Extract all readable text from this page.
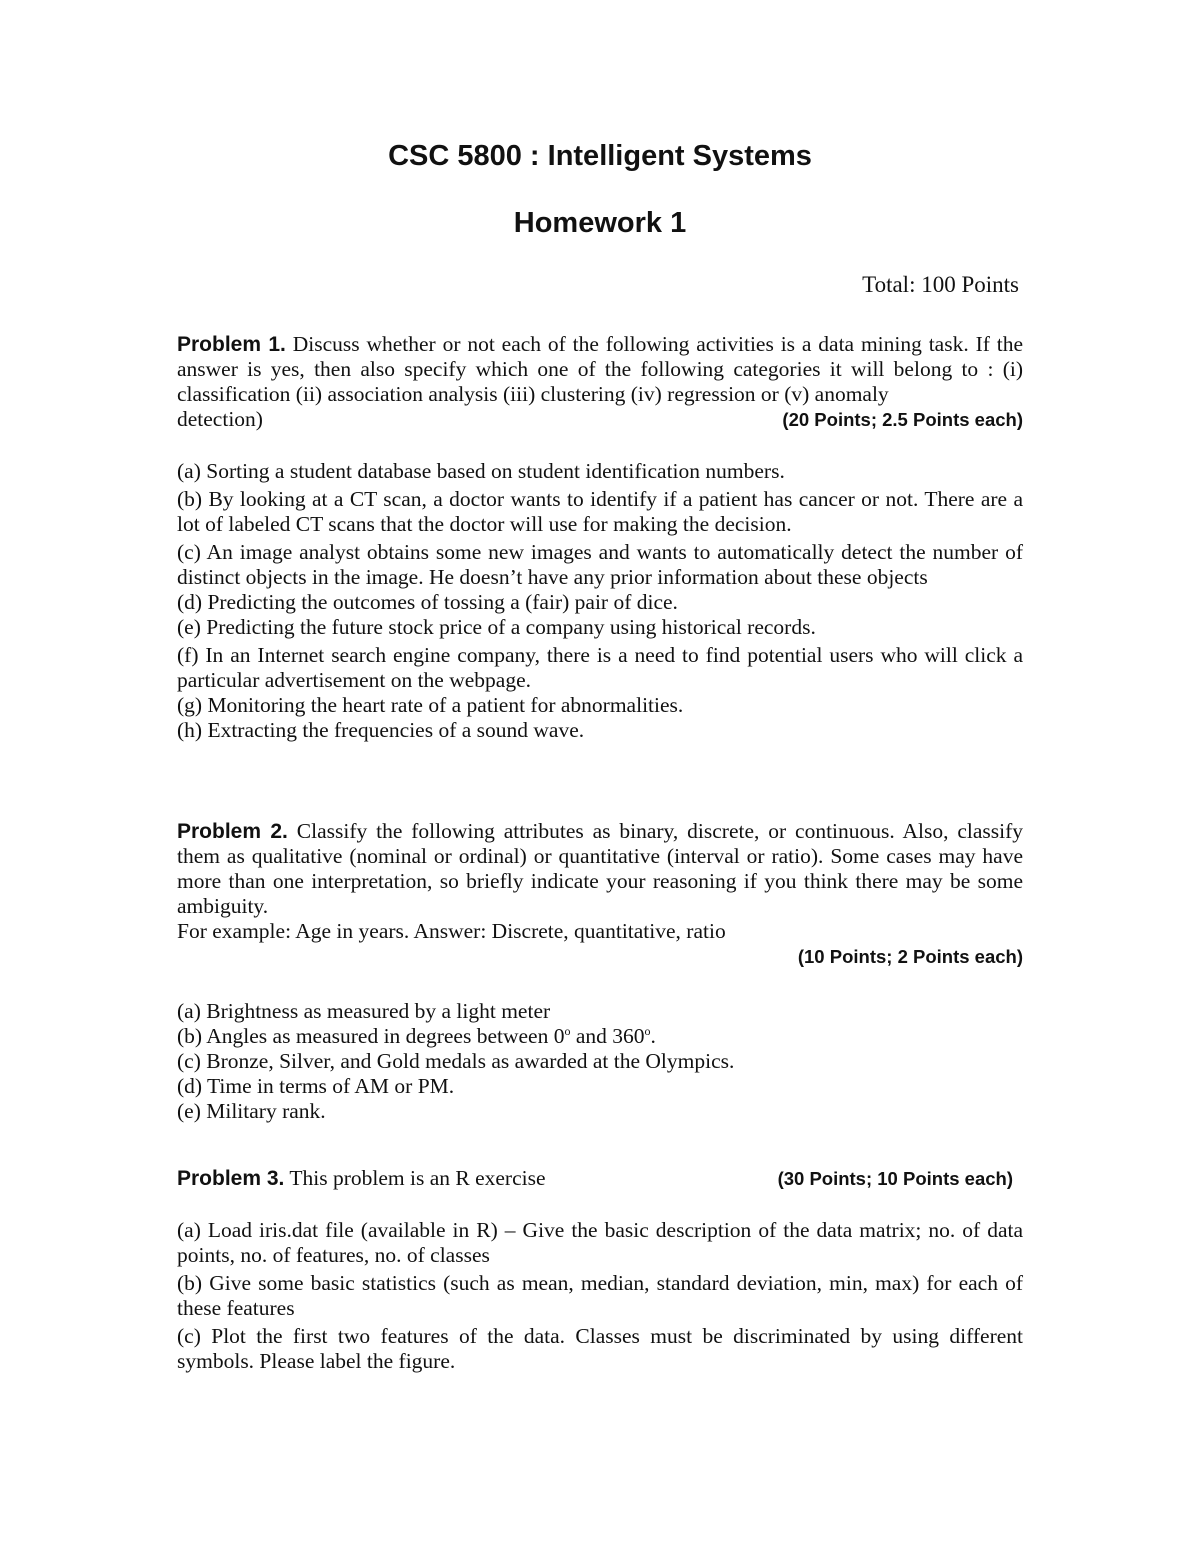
CSC 5800 : Intelligent Systems
Homework 1
Total: 100 Points

Problem 1. Discuss whether or not each of the following activities is a data mining task. If the answer is yes, then also specify which one of the following categories it will belong to : (i) classification (ii) association analysis (iii) clustering (iv) regression or (v) anomaly

detection)	(20 Points; 2.5 Points each)
(a) Sorting a student database based on student identification numbers.
(b) By looking at a CT scan, a doctor wants to identify if a patient has cancer or not. There are a lot of labeled CT scans that the doctor will use for making the decision.
(c) An image analyst obtains some new images and wants to automatically detect the number of distinct objects in the image. He doesn’t have any prior information about these objects
(d) Predicting the outcomes of tossing a (fair) pair of dice.
(e) Predicting the future stock price of a company using historical records.
(f) In an Internet search engine company, there is a need to find potential users who will click a particular advertisement on the webpage.
(g) Monitoring the heart rate of a patient for abnormalities.
(h) Extracting the frequencies of a sound wave.

Problem 2. Classify the following attributes as binary, discrete, or continuous. Also, classify them as qualitative (nominal or ordinal) or quantitative (interval or ratio). Some cases may have more than one interpretation, so briefly indicate your reasoning if you think there may be some ambiguity.

For example: Age in years. Answer: Discrete, quantitative, ratio

(10 Points; 2 Points each)

(a) Brightness as measured by a light meter
(b) Angles as measured in degrees between 0$^o$ and 360$^o$.
(c) Bronze, Silver, and Gold medals as awarded at the Olympics.
(d) Time in terms of AM or PM.
(e) Military rank.
Problem 3. This problem is an R exercise	(30 Points; 10 Points each)
(a) Load iris.dat file (available in R) – Give the basic description of the data matrix; no. of data points, no. of features, no. of classes
(b) Give some basic statistics (such as mean, median, standard deviation, min, max) for each of these features
(c) Plot the first two features of the data. Classes must be discriminated by using different symbols. Please label the figure.
